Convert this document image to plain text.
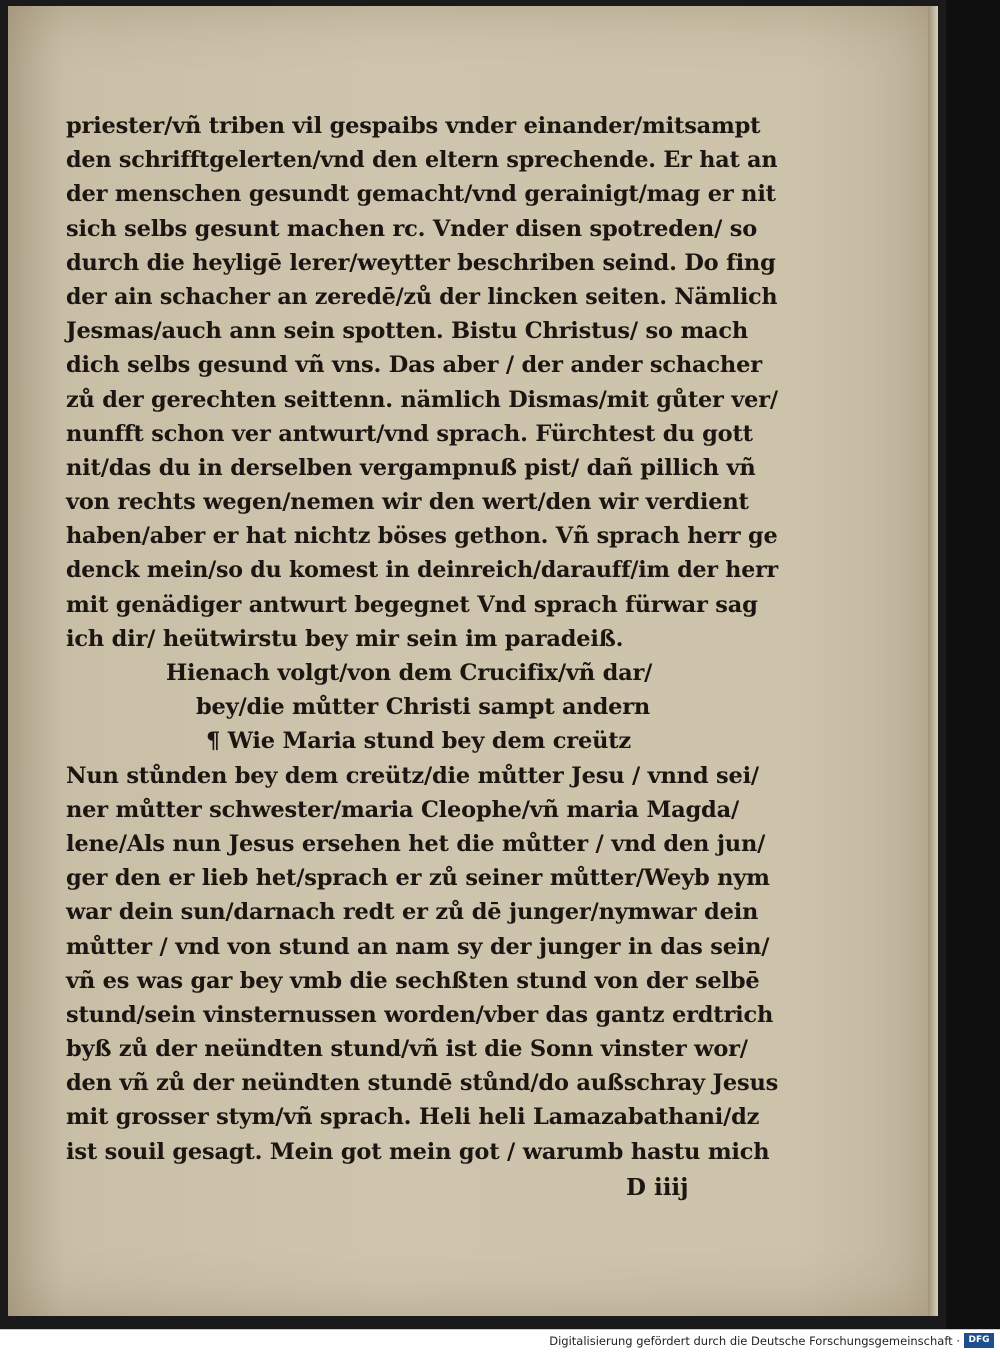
priester/vñ triben vil gespaibs vnder einander/mitsampt
den schrifftgelerten/vnd den eltern sprechende. Er hat an
der menschen gesundt gemacht/vnd gerainigt/mag er nit
sich selbs gesunt machen rc. Vnder disen spotreden/ so
durch die heyligē lerer/weytter beschriben seind. Do fing
der ain schacher an zeredē/zů der lincken seiten. Nämlich
Jesmas/auch ann sein spotten. Bistu Christus/ so mach
dich selbs gesund vñ vns. Das aber / der ander schacher
zů der gerechten seittenn. nämlich Dismas/mit gůter ver/
nunfft schon ver antwurt/vnd sprach. Fürchtest du gott
nit/das du in derselben vergampnuß pist/ dañ pillich vñ
von rechts wegen/nemen wir den wert/den wir verdient
haben/aber er hat nichtz böses gethon. Vñ sprach herr ge
denck mein/so du komest in deinreich/darauff/im der herr
mit genädiger antwurt begegnet Vnd sprach fürwar sag
ich dir/ heütwirstu bey mir sein im paradeiß.
Hienach volgt/von dem Crucifix/vñ dar/
bey/die můtter Christi sampt andern
¶ Wie Maria stund bey dem creütz
Nun stůnden bey dem creütz/die můtter Jesu / vnnd sei/
ner můtter schwester/maria Cleophe/vñ maria Magda/
lene/Als nun Jesus ersehen het die můtter / vnd den jun/
ger den er lieb het/sprach er zů seiner můtter/Weyb nym
war dein sun/darnach redt er zů dē junger/nymwar dein
můtter / vnd von stund an nam sy der junger in das sein/
vñ es was gar bey vmb die sechßten stund von der selbē
stund/sein vinsternussen worden/vber das gantz erdtrich
byß zů der neündten stund/vñ ist die Sonn vinster wor/
den vñ zů der neündten stundē stůnd/do außschray Jesus
mit grosser stym/vñ sprach. Heli heli Lamazabathani/dz
ist souil gesagt. Mein got mein got / warumb hastu mich
D iiij
Digitalisierung gefördert durch die Deutsche Forschungsgemeinschaft · DFG
